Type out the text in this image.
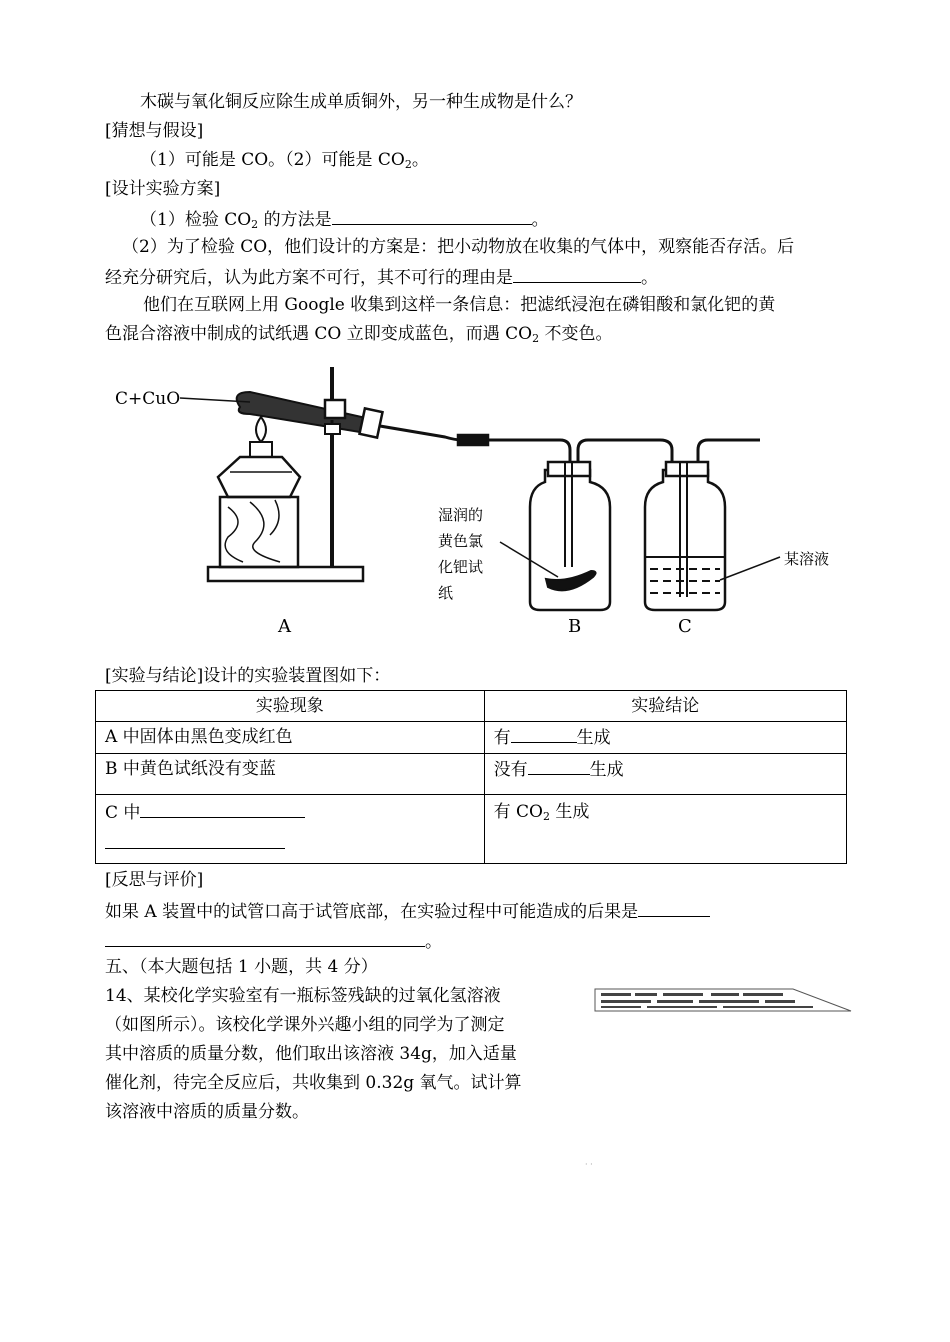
木碳与氧化铜反应除生成单质铜外，另一种生成物是什么？
[猜想与假设]
（1）可能是 CO。（2）可能是 $CO_2$。
[设计实验方案]
（1）检验 $CO_2$ 的方法是	。
（2）为了检验 CO，他们设计的方案是：把小动物放在收集的气体中，观察能否存活。后
经充分研究后，认为此方案不可行，其不可行的理由是	。
他们在互联网上用 Google 收集到这样一条信息：把滤纸浸泡在磷钼酸和氯化钯的黄
色混合溶液中制成的试纸遇 CO 立即变成蓝色，而遇 $CO_2$ 不变色。
C+CuO
湿润的
黄色氯
化钯试
纸
某溶液
A	B	C
[实验与结论]设计的实验装置图如下：
实验现象	实验结论
A 中固体由黑色变成红色	有 生成
B 中黄色试纸没有变蓝	没有 生成
C 中	有 $CO_2$ 生成
[反思与评价]
如果 A 装置中的试管口高于试管底部，在实验过程中可能造成的后果是
。
五、（本大题包括 1 小题，共 4 分）
14、某校化学实验室有一瓶标签残缺的过氧化氢溶液
（如图所示）。该校化学课外兴趣小组的同学为了测定
其中溶质的质量分数，他们取出该溶液 34g，加入适量
催化剂，待完全反应后，共收集到 0.32g 氧气。试计算
该溶液中溶质的质量分数。
· ·
